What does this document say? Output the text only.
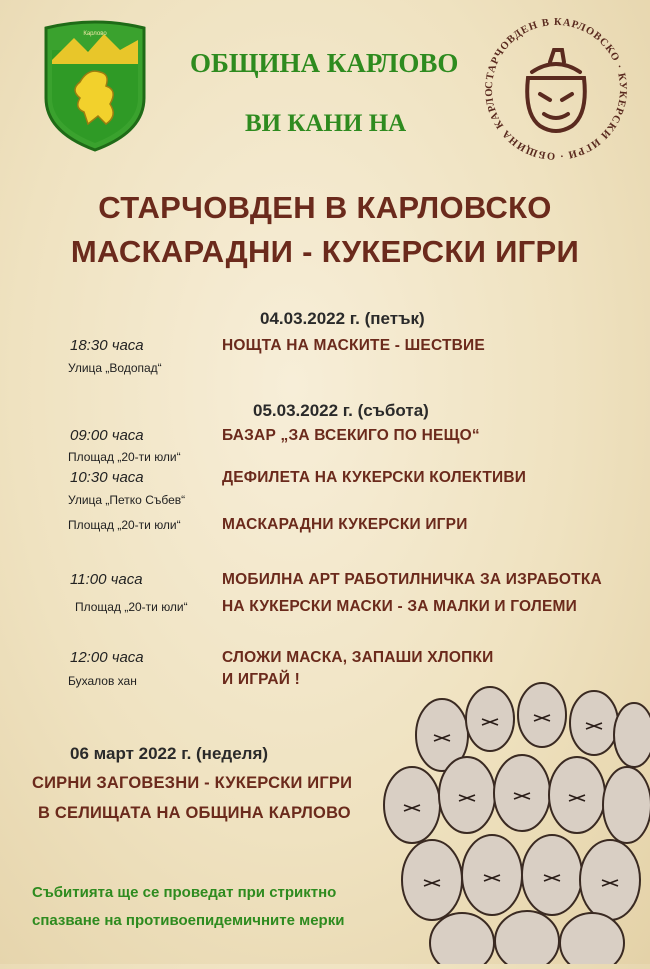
Карлово
СТАРЧОВДЕН В КАРЛОВСКО · КУКЕРСКИ ИГРИ · ОБЩИНА КАРЛО
ОБЩИНА КАРЛОВО
ВИ КАНИ НА
СТАРЧОВДЕН В КАРЛОВСКО
МАСКАРАДНИ - КУКЕРСКИ ИГРИ
04.03.2022 г. (петък)
18:30 часа
Улица „Водопад“
НОЩТА НА МАСКИТЕ - ШЕСТВИЕ
05.03.2022 г. (събота)
09:00 часа
Площад „20-ти юли“
БАЗАР „ЗА ВСЕКИГО ПО НЕЩО“
10:30 часа
Улица „Петко Събев“
ДЕФИЛЕТА НА КУКЕРСКИ КОЛЕКТИВИ
Площад „20-ти юли“	МАСКАРАДНИ КУКЕРСКИ ИГРИ
11:00 часа
Площад „20-ти юли“
МОБИЛНА АРТ РАБОТИЛНИЧКА ЗА ИЗРАБОТКА
НА КУКЕРСКИ МАСКИ - ЗА МАЛКИ И ГОЛЕМИ
12:00 часа
Бухалов хан
СЛОЖИ МАСКА, ЗАПАШИ ХЛОПКИ
И ИГРАЙ !
06 март 2022 г. (неделя)
СИРНИ ЗАГОВЕЗНИ - КУКЕРСКИ ИГРИ
В СЕЛИЩАТА НА ОБЩИНА КАРЛОВО
Събитията ще се проведат при стриктно
спазване на противоепидемичните мерки
